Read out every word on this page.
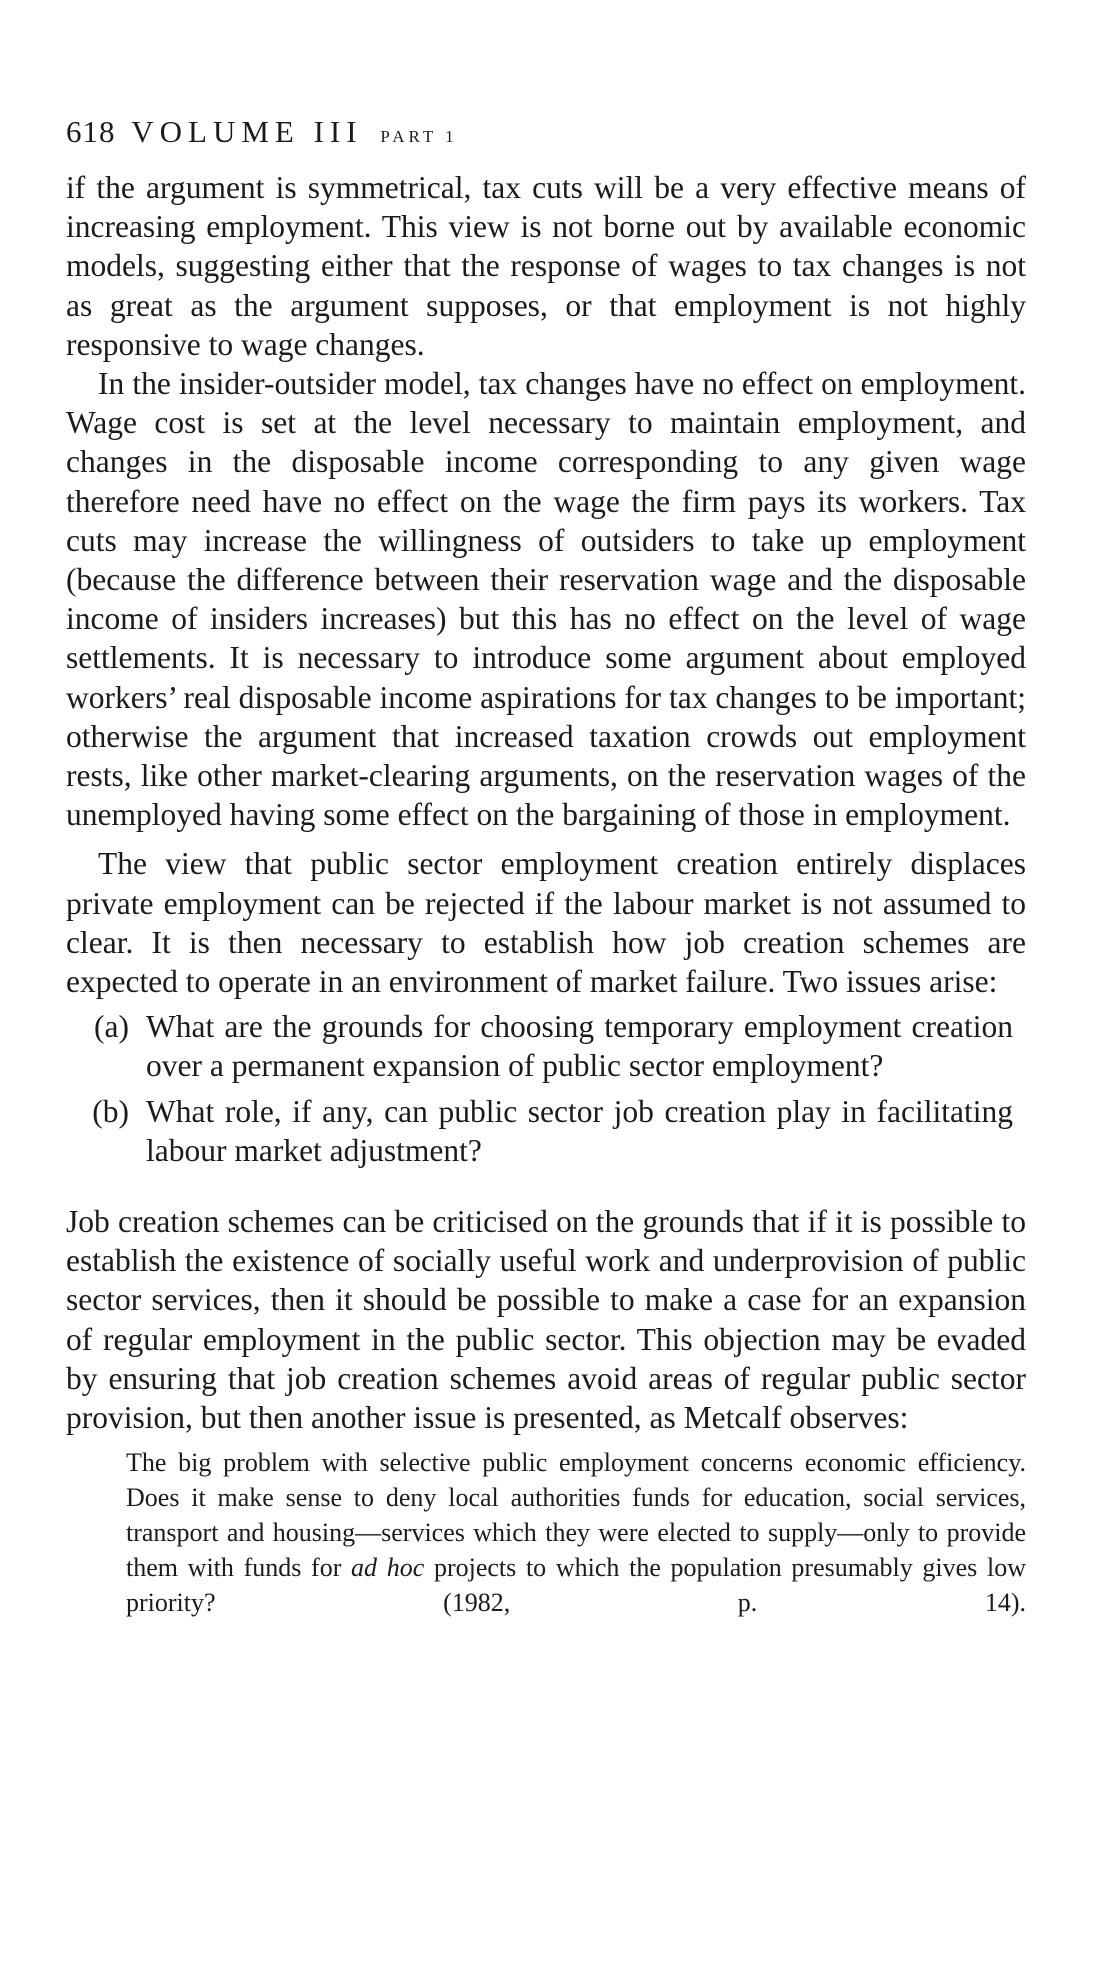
618 VOLUME III PART 1

if the argument is symmetrical, tax cuts will be a very effective means of increasing employment. This view is not borne out by available economic models, suggesting either that the response of wages to tax changes is not as great as the argument supposes, or that employment is not highly responsive to wage changes.

In the insider-outsider model, tax changes have no effect on employment. Wage cost is set at the level necessary to maintain employment, and changes in the disposable income corresponding to any given wage therefore need have no effect on the wage the firm pays its workers. Tax cuts may increase the willingness of outsiders to take up employment (because the difference between their reservation wage and the disposable income of insiders increases) but this has no effect on the level of wage settlements. It is necessary to introduce some argument about employed workers’ real disposable income aspirations for tax changes to be important; otherwise the argument that increased taxation crowds out employment rests, like other market-clearing arguments, on the reservation wages of the unemployed having some effect on the bargaining of those in employment.

The view that public sector employment creation entirely displaces private employment can be rejected if the labour market is not assumed to clear. It is then necessary to establish how job creation schemes are expected to operate in an environment of market failure. Two issues arise:

(a) What are the grounds for choosing temporary employment creation over a permanent expansion of public sector employment?
(b) What role, if any, can public sector job creation play in facilitating labour market adjustment?

Job creation schemes can be criticised on the grounds that if it is possible to establish the existence of socially useful work and underprovision of public sector services, then it should be possible to make a case for an expansion of regular employment in the public sector. This objection may be evaded by ensuring that job creation schemes avoid areas of regular public sector provision, but then another issue is presented, as Metcalf observes:

The big problem with selective public employment concerns economic efficiency. Does it make sense to deny local authorities funds for education, social services, transport and housing—services which they were elected to supply—only to provide them with funds for ad hoc projects to which the population presumably gives low priority?	(1982, p. 14).
